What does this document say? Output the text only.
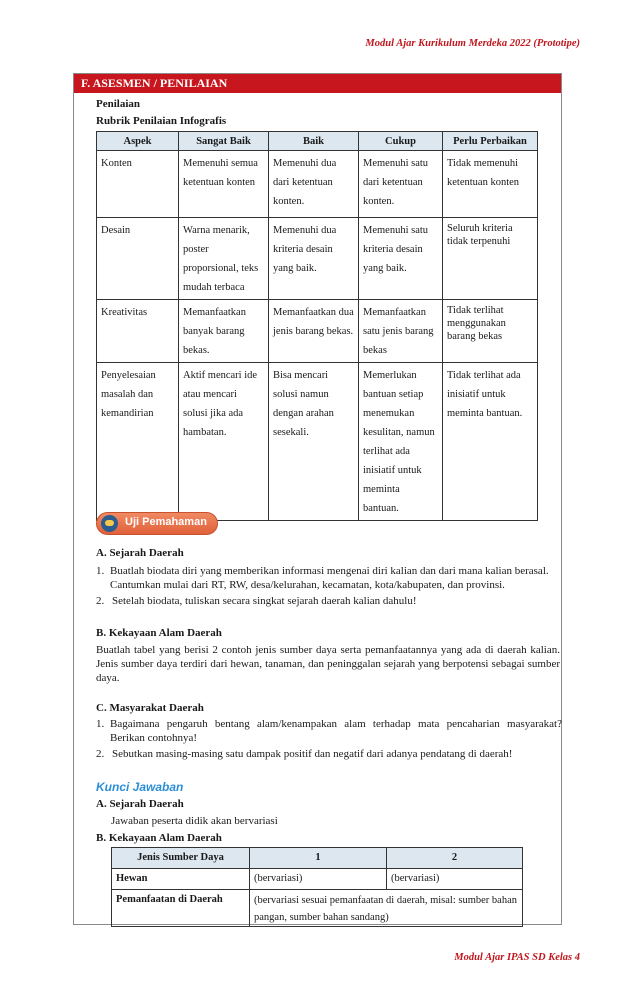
Modul Ajar Kurikulum Merdeka 2022 (Prototipe)
F. ASESMEN / PENILAIAN
Penilaian
Rubrik Penilaian Infografis
Aspek	Sangat Baik	Baik	Cukup	Perlu Perbaikan
Konten	Memenuhi semua ketentuan konten	Memenuhi dua dari ketentuan konten.	Memenuhi satu dari ketentuan konten.	Tidak memenuhi ketentuan konten
Desain	Warna menarik, poster proporsional, teks mudah terbaca	Memenuhi dua kriteria desain yang baik.	Memenuhi satu kriteria desain yang baik.	Seluruh kriteria tidak terpenuhi
Kreativitas	Memanfaatkan banyak barang bekas.	Memanfaatkan dua jenis barang bekas.	Memanfaatkan satu jenis barang bekas	Tidak terlihat menggunakan barang bekas
Penyelesaian masalah dan kemandirian	Aktif mencari ide atau mencari solusi jika ada hambatan.	Bisa mencari solusi namun dengan arahan sesekali.	Memerlukan bantuan setiap menemukan kesulitan, namun terlihat ada inisiatif untuk meminta bantuan.	Tidak terlihat ada inisiatif untuk meminta bantuan.
Uji Pemahaman
A. Sejarah Daerah
1. Buatlah biodata diri yang memberikan informasi mengenai diri kalian dan dari mana kalian berasal. Cantumkan mulai dari RT, RW, desa/kelurahan, kecamatan, kota/kabupaten, dan provinsi.
2. Setelah biodata, tuliskan secara singkat sejarah daerah kalian dahulu!
B. Kekayaan Alam Daerah
Buatlah tabel yang berisi 2 contoh jenis sumber daya serta pemanfaatannya yang ada di daerah kalian. Jenis sumber daya terdiri dari hewan, tanaman, dan peninggalan sejarah yang berpotensi sebagai sumber daya.
C. Masyarakat Daerah
1. Bagaimana pengaruh bentang alam/kenampakan alam terhadap mata pencaharian masyarakat? Berikan contohnya!
2. Sebutkan masing-masing satu dampak positif dan negatif dari adanya pendatang di daerah!
Kunci Jawaban
A. Sejarah Daerah
Jawaban peserta didik akan bervariasi
B. Kekayaan Alam Daerah
Jenis Sumber Daya	1	2
Hewan	(bervariasi)	(bervariasi)
Pemanfaatan di Daerah	(bervariasi sesuai pemanfaatan di daerah, misal: sumber bahan pangan, sumber bahan sandang)	
Modul Ajar IPAS SD Kelas 4
